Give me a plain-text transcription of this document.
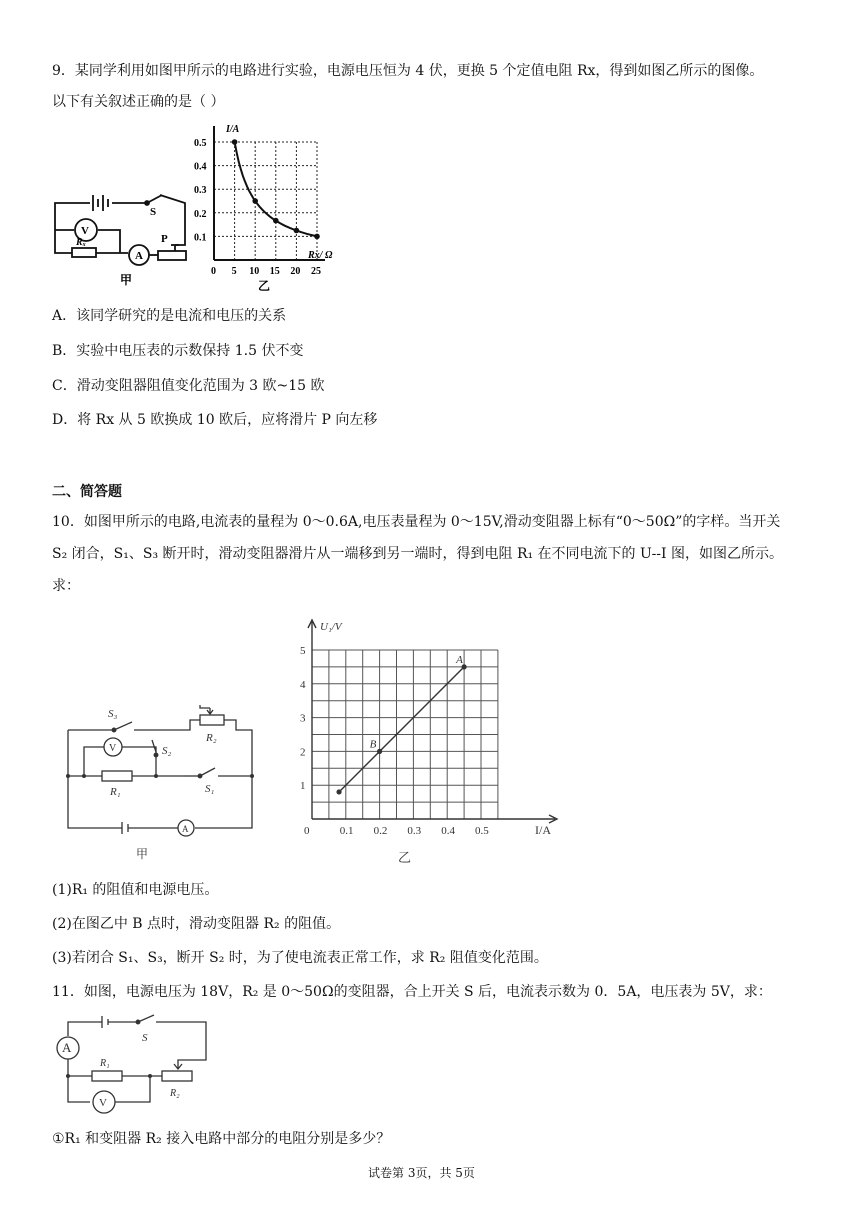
9．某同学利用如图甲所示的电路进行实验，电源电压恒为 4 伏，更换 5 个定值电阻 Rx，得到如图乙所示的图像。
以下有关叙述正确的是（ ）
S
V
Rₓ
A
P
甲
I/A
Rx/ Ω
乙
0 5 10 15 20 25
0.1
0.2
0.3
0.4
0.5
A．该同学研究的是电流和电压的关系
B．实验中电压表的示数保持 1.5 伏不变
C．滑动变阻器阻值变化范围为 3 欧~15 欧
D．将 Rx 从 5 欧换成 10 欧后，应将滑片 P 向左移
二、简答题
10．如图甲所示的电路,电流表的量程为 0～0.6A,电压表量程为 0～15V,滑动变阻器上标有“0～50Ω”的字样。当开关
S₂ 闭合，S₁、S₃ 断开时，滑动变阻器滑片从一端移到另一端时，得到电阻 R₁ 在不同电流下的 U--I 图，如图乙所示。
求：
S₃
R₂
V	S₂
R₁	S₁
A
甲
U₁/V
I/A
乙
0	0.1 0.2 0.3 0.4 0.5
1
2
3
4
5
B
A
(1)R₁ 的阻值和电源电压。
(2)在图乙中 B 点时，滑动变阻器 R₂ 的阻值。
(3)若闭合 S₁、S₃，断开 S₂ 时，为了使电流表正常工作，求 R₂ 阻值变化范围。
11．如图，电源电压为 18V，R₂ 是 0～50Ω的变阻器，合上开关 S 后，电流表示数为 0．5A，电压表为 5V，求：
A
S
R₁
R₂
V
①R₁ 和变阻器 R₂ 接入电路中部分的电阻分别是多少？
试卷第 3页，共 5页
